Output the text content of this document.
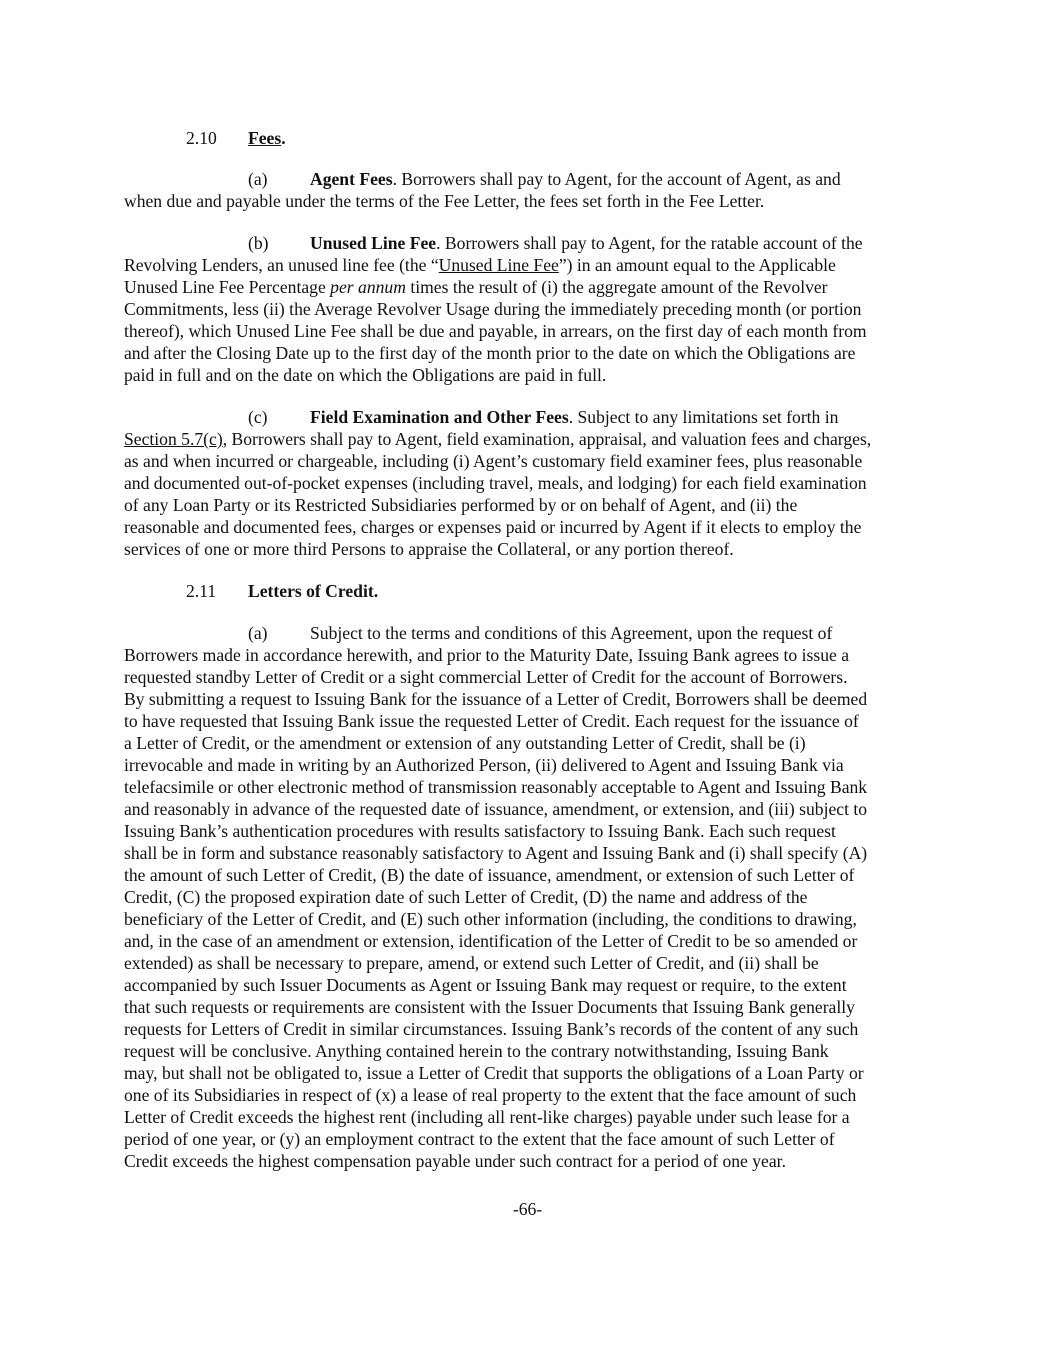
2.10 Fees.
(a) Agent Fees. Borrowers shall pay to Agent, for the account of Agent, as and
when due and payable under the terms of the Fee Letter, the fees set forth in the Fee Letter.
(b) Unused Line Fee. Borrowers shall pay to Agent, for the ratable account of the
Revolving Lenders, an unused line fee (the “Unused Line Fee”) in an amount equal to the Applicable
Unused Line Fee Percentage per annum times the result of (i) the aggregate amount of the Revolver
Commitments, less (ii) the Average Revolver Usage during the immediately preceding month (or portion
thereof), which Unused Line Fee shall be due and payable, in arrears, on the first day of each month from
and after the Closing Date up to the first day of the month prior to the date on which the Obligations are
paid in full and on the date on which the Obligations are paid in full.
(c) Field Examination and Other Fees. Subject to any limitations set forth in
Section 5.7(c), Borrowers shall pay to Agent, field examination, appraisal, and valuation fees and charges,
as and when incurred or chargeable, including (i) Agent’s customary field examiner fees, plus reasonable
and documented out-of-pocket expenses (including travel, meals, and lodging) for each field examination
of any Loan Party or its Restricted Subsidiaries performed by or on behalf of Agent, and (ii) the
reasonable and documented fees, charges or expenses paid or incurred by Agent if it elects to employ the
services of one or more third Persons to appraise the Collateral, or any portion thereof.
2.11 Letters of Credit.
(a) Subject to the terms and conditions of this Agreement, upon the request of
Borrowers made in accordance herewith, and prior to the Maturity Date, Issuing Bank agrees to issue a
requested standby Letter of Credit or a sight commercial Letter of Credit for the account of Borrowers.
By submitting a request to Issuing Bank for the issuance of a Letter of Credit, Borrowers shall be deemed
to have requested that Issuing Bank issue the requested Letter of Credit. Each request for the issuance of
a Letter of Credit, or the amendment or extension of any outstanding Letter of Credit, shall be (i)
irrevocable and made in writing by an Authorized Person, (ii) delivered to Agent and Issuing Bank via
telefacsimile or other electronic method of transmission reasonably acceptable to Agent and Issuing Bank
and reasonably in advance of the requested date of issuance, amendment, or extension, and (iii) subject to
Issuing Bank’s authentication procedures with results satisfactory to Issuing Bank. Each such request
shall be in form and substance reasonably satisfactory to Agent and Issuing Bank and (i) shall specify (A)
the amount of such Letter of Credit, (B) the date of issuance, amendment, or extension of such Letter of
Credit, (C) the proposed expiration date of such Letter of Credit, (D) the name and address of the
beneficiary of the Letter of Credit, and (E) such other information (including, the conditions to drawing,
and, in the case of an amendment or extension, identification of the Letter of Credit to be so amended or
extended) as shall be necessary to prepare, amend, or extend such Letter of Credit, and (ii) shall be
accompanied by such Issuer Documents as Agent or Issuing Bank may request or require, to the extent
that such requests or requirements are consistent with the Issuer Documents that Issuing Bank generally
requests for Letters of Credit in similar circumstances. Issuing Bank’s records of the content of any such
request will be conclusive. Anything contained herein to the contrary notwithstanding, Issuing Bank
may, but shall not be obligated to, issue a Letter of Credit that supports the obligations of a Loan Party or
one of its Subsidiaries in respect of (x) a lease of real property to the extent that the face amount of such
Letter of Credit exceeds the highest rent (including all rent-like charges) payable under such lease for a
period of one year, or (y) an employment contract to the extent that the face amount of such Letter of
Credit exceeds the highest compensation payable under such contract for a period of one year.
-66-
